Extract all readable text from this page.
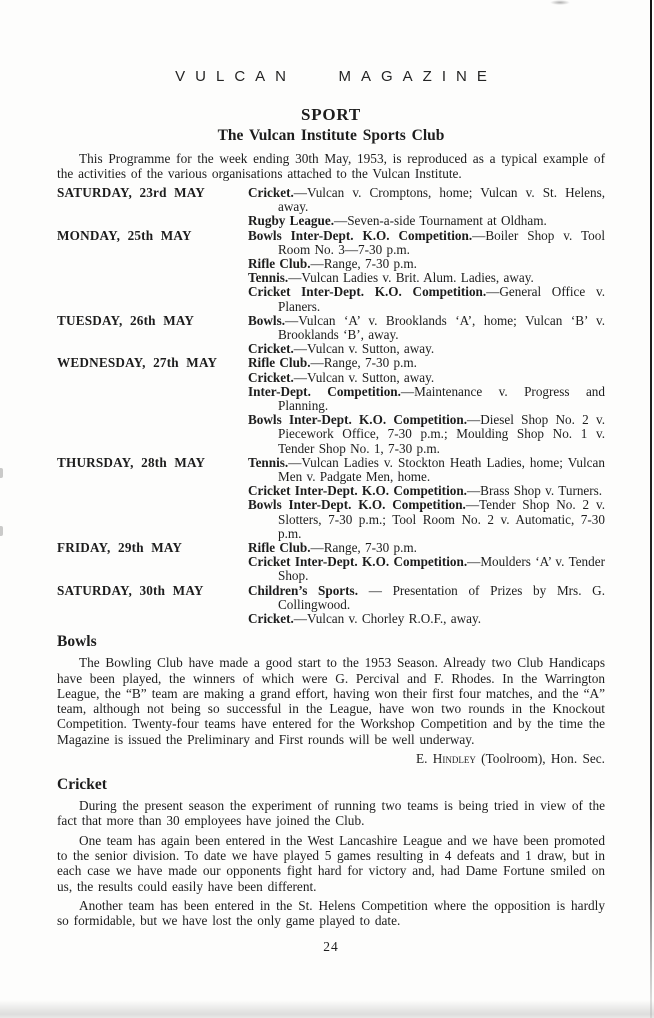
VULCAN   MAGAZINE
SPORT
The Vulcan Institute Sports Club

This Programme for the week ending 30th May, 1953, is reproduced as a typical example of the activities of the various organisations attached to the Vulcan Institute.

SATURDAY, 23rd MAY	Cricket.—Vulcan v. Cromptons, home; Vulcan v. St. Helens, away.

Rugby League.—Seven-a-side Tournament at Oldham.

MONDAY, 25th MAY	Bowls Inter-Dept. K.O. Competition.—Boiler Shop v. Tool Room No. 3—7-30 p.m.

Rifle Club.—Range, 7-30 p.m.

Tennis.—Vulcan Ladies v. Brit. Alum. Ladies, away.

Cricket Inter-Dept. K.O. Competition.—General Office v. Planers.

TUESDAY, 26th MAY	Bowls.—Vulcan ‘A’ v. Brooklands ‘A’, home; Vulcan ‘B’ v. Brooklands ‘B’, away.

Cricket.—Vulcan v. Sutton, away.

WEDNESDAY, 27th MAY	Rifle Club.—Range, 7-30 p.m.

Cricket.—Vulcan v. Sutton, away.

Inter-Dept. Competition.—Maintenance v. Progress and Planning.

Bowls Inter-Dept. K.O. Competition.—Diesel Shop No. 2 v. Piecework Office, 7-30 p.m.; Moulding Shop No. 1 v. Tender Shop No. 1, 7-30 p.m.

THURSDAY, 28th MAY	Tennis.—Vulcan Ladies v. Stockton Heath Ladies, home; Vulcan Men v. Padgate Men, home.

Cricket Inter-Dept. K.O. Competition.—Brass Shop v. Turners.

Bowls Inter-Dept. K.O. Competition.—Tender Shop No. 2 v. Slotters, 7-30 p.m.; Tool Room No. 2 v. Automatic, 7-30 p.m.

FRIDAY, 29th MAY	Rifle Club.—Range, 7-30 p.m.

Cricket Inter-Dept. K.O. Competition.—Moulders ‘A’ v. Tender Shop.

SATURDAY, 30th MAY	Children’s Sports. — Presentation of Prizes by Mrs. G. Collingwood.

Cricket.—Vulcan v. Chorley R.O.F., away.

Bowls

The Bowling Club have made a good start to the 1953 Season. Already two Club Handicaps have been played, the winners of which were G. Percival and F. Rhodes. In the Warrington League, the “B” team are making a grand effort, having won their first four matches, and the “A” team, although not being so successful in the League, have won two rounds in the Knockout Competition. Twenty-four teams have entered for the Workshop Competition and by the time the Magazine is issued the Preliminary and First rounds will be well underway.

E. Hindley (Toolroom), Hon. Sec.

Cricket

During the present season the experiment of running two teams is being tried in view of the fact that more than 30 employees have joined the Club.

One team has again been entered in the West Lancashire League and we have been promoted to the senior division. To date we have played 5 games resulting in 4 defeats and 1 draw, but in each case we have made our opponents fight hard for victory and, had Dame Fortune smiled on us, the results could easily have been different.

Another team has been entered in the St. Helens Competition where the opposition is hardly so formidable, but we have lost the only game played to date.

24
